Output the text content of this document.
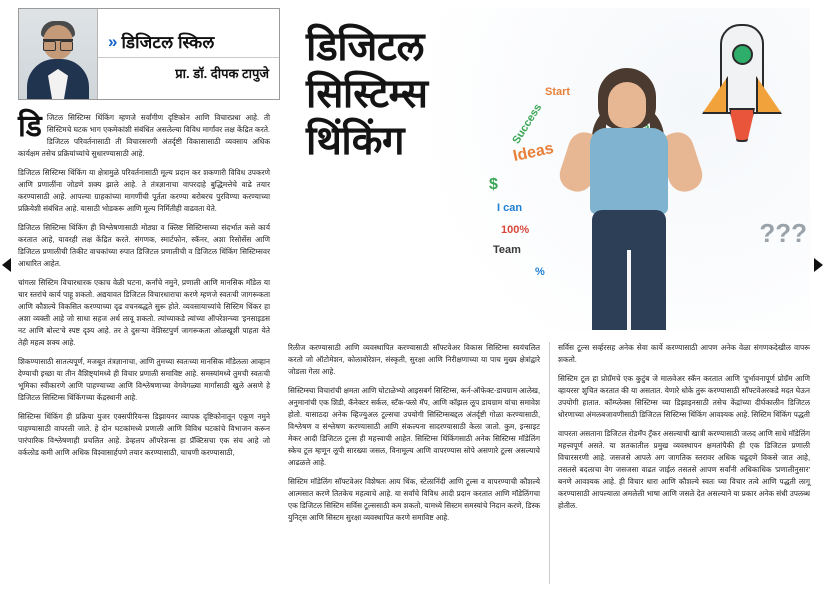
» डिजिटल स्किल
प्रा. डॉ. दीपक टापुजे
डिजिटल
सिस्टिम्स
थिंकिंग	Ideas
Success
I can
Team
Start
???
$
%
100%

डिजिटल सिस्टिम्स थिंकिंग म्हणजे सर्वांगीण दृष्टिकोन आणि विचारप्रधा आहे. ती सिस्टिमचे घटक भाग एकमेकांशी संबंधित असलेल्या विविध मार्गांवर लक्ष केंद्रित करते. डिजिटल परिवर्तनासाठी ती विचारसरणी अंतर्दृष्टी विकासासाठी व्यवसाय अधिक कार्यक्षम तसेच प्रक्रियांच्यांचे सुधारण्यासाठी आहे.

डिजिटल सिस्टिम्स थिंकिंग या क्षेत्रामुळे परिवर्तनासाठी मूल्य प्रदान कर शकणारी विविध उपकरणे आणि प्रणालींना जोडणे शक्य झाले आहे. ते तंत्रज्ञानाचा वापरदाहे बुद्धिमत्तेचे वाढे तयार करण्यासाठी आहे. आपल्या ग्राहकांच्या मागणींची पूर्तता करण्या बरोबरच पुरविण्या करण्याच्या प्रक्रियेशी संबंधित आहे. यासाठी भोडकरू आणि मूल्य निर्मितीही वाढवता येते.

डिजिटल सिस्टिम्स थिंकिंग ही विश्लेषणासाठी मोठ्या व क्लिष्ट सिस्टिम्सच्या संदर्भात कसे कार्य करतात आहे, यावरही लक्ष केंद्रित करते. संगणक, स्मार्टफोन, स्कॅनर, अशा रिसोर्सेस आणि डिजिटल प्रणालीची तिकीट वाचकांच्या रुपात डिजिटल प्रणालीची व डिजिटल थिंकिंग सिस्टिम्सवर आधारित आहेत.

चांगला सिस्टिम विचारधारक एकाच वेळी घटना, कर्नांचे नमुने, प्रणाली आणि मानसिक मॉडेल या चार स्तरांचे कार्य पाहू शकतो. अद्ययावत डिजिटल विचारधाराचा करणे म्हणजे स्वतःची जागरूकता आणि कौशल्ये विकसित करण्याच्या दृढ वचनबद्धते सुरू होते. व्यवसायाच्यांचे सिस्टिम थिंकर हा अशा व्यक्ती आहे जो साधा सहज अर्थ लावू शकतो. त्यांच्याकडे त्यांच्या ऑपरेशन्च्या 'इनसाइडस नट आणि बोल्ट'चे स्पष्ट दृश्य आहे. तर ते दुसऱ्या वेशिस्टपुर्ण जागरूकता ओळखूशी पाहता येते तेही महत्व शक्य आहे.

शिकण्यासाठी सातत्यपूर्ण, मजबूत तंत्रज्ञानाचा, आणि तुमच्या स्वतःच्या मानसिक मॉडेलला आव्हान देण्याची इच्छा या तीन वैशिष्ट्यांमध्ये ही विचार प्रणाली समाविष्ट आहे. समस्यांमध्ये तुमची स्वतःची भूमिका स्वीकारणे आणि पाहण्याच्या आणि विश्लेषणाच्या वेगवेगळ्या मार्गांसाठी खुले असणे हे डिजिटल सिस्टिम्स थिंकिंगच्या केंद्रस्थानी आहे.

सिस्टिम्स थिंकिंग ही प्रक्रिया युजर एक्सपीरियन्स डिझायनर व्यापक दृष्टिकोनातून एकूण नमुने पाहण्यासाठी वापरली जाते. हे दोन घटकांमध्ये प्रणाली आणि विविध घटकांचे विभाजन करून पारंपारिक विश्लेषणाही प्रचलित आहे. डेव्हलप ऑपरेशन्स हा प्रॅक्टिसचा एक संच आहे जो वर्कलोड कमी आणि अधिक विश्वासार्हपणे तयार करण्यासाठी, चाचणी करण्यासाठी,

रिलीज करण्यासाठी आणि व्यवस्थापित करण्यासाठी सॉफ्टवेअर विकास सिस्टिम्स स्वयंचलित करतो जो ऑटोमेशन, कोलाबोरेशन, संस्कृती, सुरक्षा आणि निरीक्षणाच्या या पाच मुख्य क्षेत्रांद्वारे जोडला गेला आहे.

सिस्टिम्स्चा विचारांची क्षमता आणि घोटाळेभ्यो आइसबर्ग सिस्टिम्स, कर्न-ऑफेक्ट-डायग्राम आलेख, अनुमानांची एक शिडी, कॅनेक्टर सर्कल, स्टॅक-फ्लो मॅप, आणि कॉझल लूप डायग्राम यांचा समावेश होतो. यासाठदा अनेक व्हिज्युअल टूल्सचा उपयोगी सिस्टिम्सबद्दल अंतर्दृष्टी गोळा करण्यासाठी, विश्लेषण व संश्लेषण करण्यासाठी आणि संकल्पना सादरण्यासाठी केला जातो. कुम, इन्साइट मेकर आदी डिजिटल टूल्स ही महत्त्वाची आहेत. सिस्टिम्स थिंकिंगसाठी अनेक सिस्टिम्स मॉडेलिंग स्केच टूल म्हणून लूपी सारख्या जसल, विनामूल्य आणि वापरण्यास सोपे असणारे टूल्स असल्याचे आढळले आहे.

सिस्टिम मॉडेलिंग सॉफ्टवेअर विशेषतः आय थिंक, स्टेलानिंदी आणि टूल्स व वापरण्याची कौशल्ये आत्मसात करणे तितकेच महत्वाचे आहे. या सर्वांचे विविध आदी प्रदान करतात आणि मॉडेलिंगचा एक डिजिटल सिस्टिम सर्विस टूल्ससाठी कम शकतो, यामध्ये सिस्टम समस्यांचे निदान करणे, डिस्क युनिट्स आणि सिस्टम सुरक्षा व्यवस्थापित करणे समाविष्ट आहे.

सर्विस टूल्स सर्व्हरसह अनेक सेवा कार्ये करण्यासाठी आपण अनेक वेळा संगणकदेखील वापरू शकतो.

सिस्टिम टूल हा प्रोग्रॅमचे एक कुटुंब जे मालवेअर स्कॅन करतात आणि 'दुर्भावनापूर्ण प्रोग्रॅम आणि व्हायरस' शुचित करतात की या असतात. येणारे धोके तुरू करण्यासाठी सॉफ्टवेअरकडे मदत घेऊन उपयोगी हातात. कॉम्प्लेक्स सिस्टिम्स च्या डिझाइनसाठी तसेच केंद्रांच्या दीर्घकालीन डिजिटल धोरणाच्या अंमलबजावणीसाठी डिजिटल सिस्टिम्स थिंकिंग आवश्यक आहे. सिस्टिम थिंकिंग पद्धती

वापरता असताना डिजिटल रोडमॅप ट्रॅकर असल्याची खात्री करण्यासाठी जलद आणि साधे मॉडेलिंग महत्त्वपूर्ण असते. या शतकातील प्रमुख व्यवस्थापन क्षमतांपैकी ही एक डिजिटल प्रणाली विचारसरणी आहे. जसजसे आपले अग जागतिक स्तरावर अधिक चढूदणे विकसे जात आहे, तसतसे बदलाचा वेग जसजसा वाढत जाईल तसतसे आपण सर्वांनी अधिकाधिक 'प्रणालीनुसार' बनणे आवश्यक आहे. ही विचार धारा आणि कौशल्ये स्वतः च्या विचार तत्वे आणि पद्धती लागू करण्यासाठी आपल्याला अमलेली भाषा आणि जसले देत असल्याने या प्रकार अनेक संधी उपलब्ध होतील.
